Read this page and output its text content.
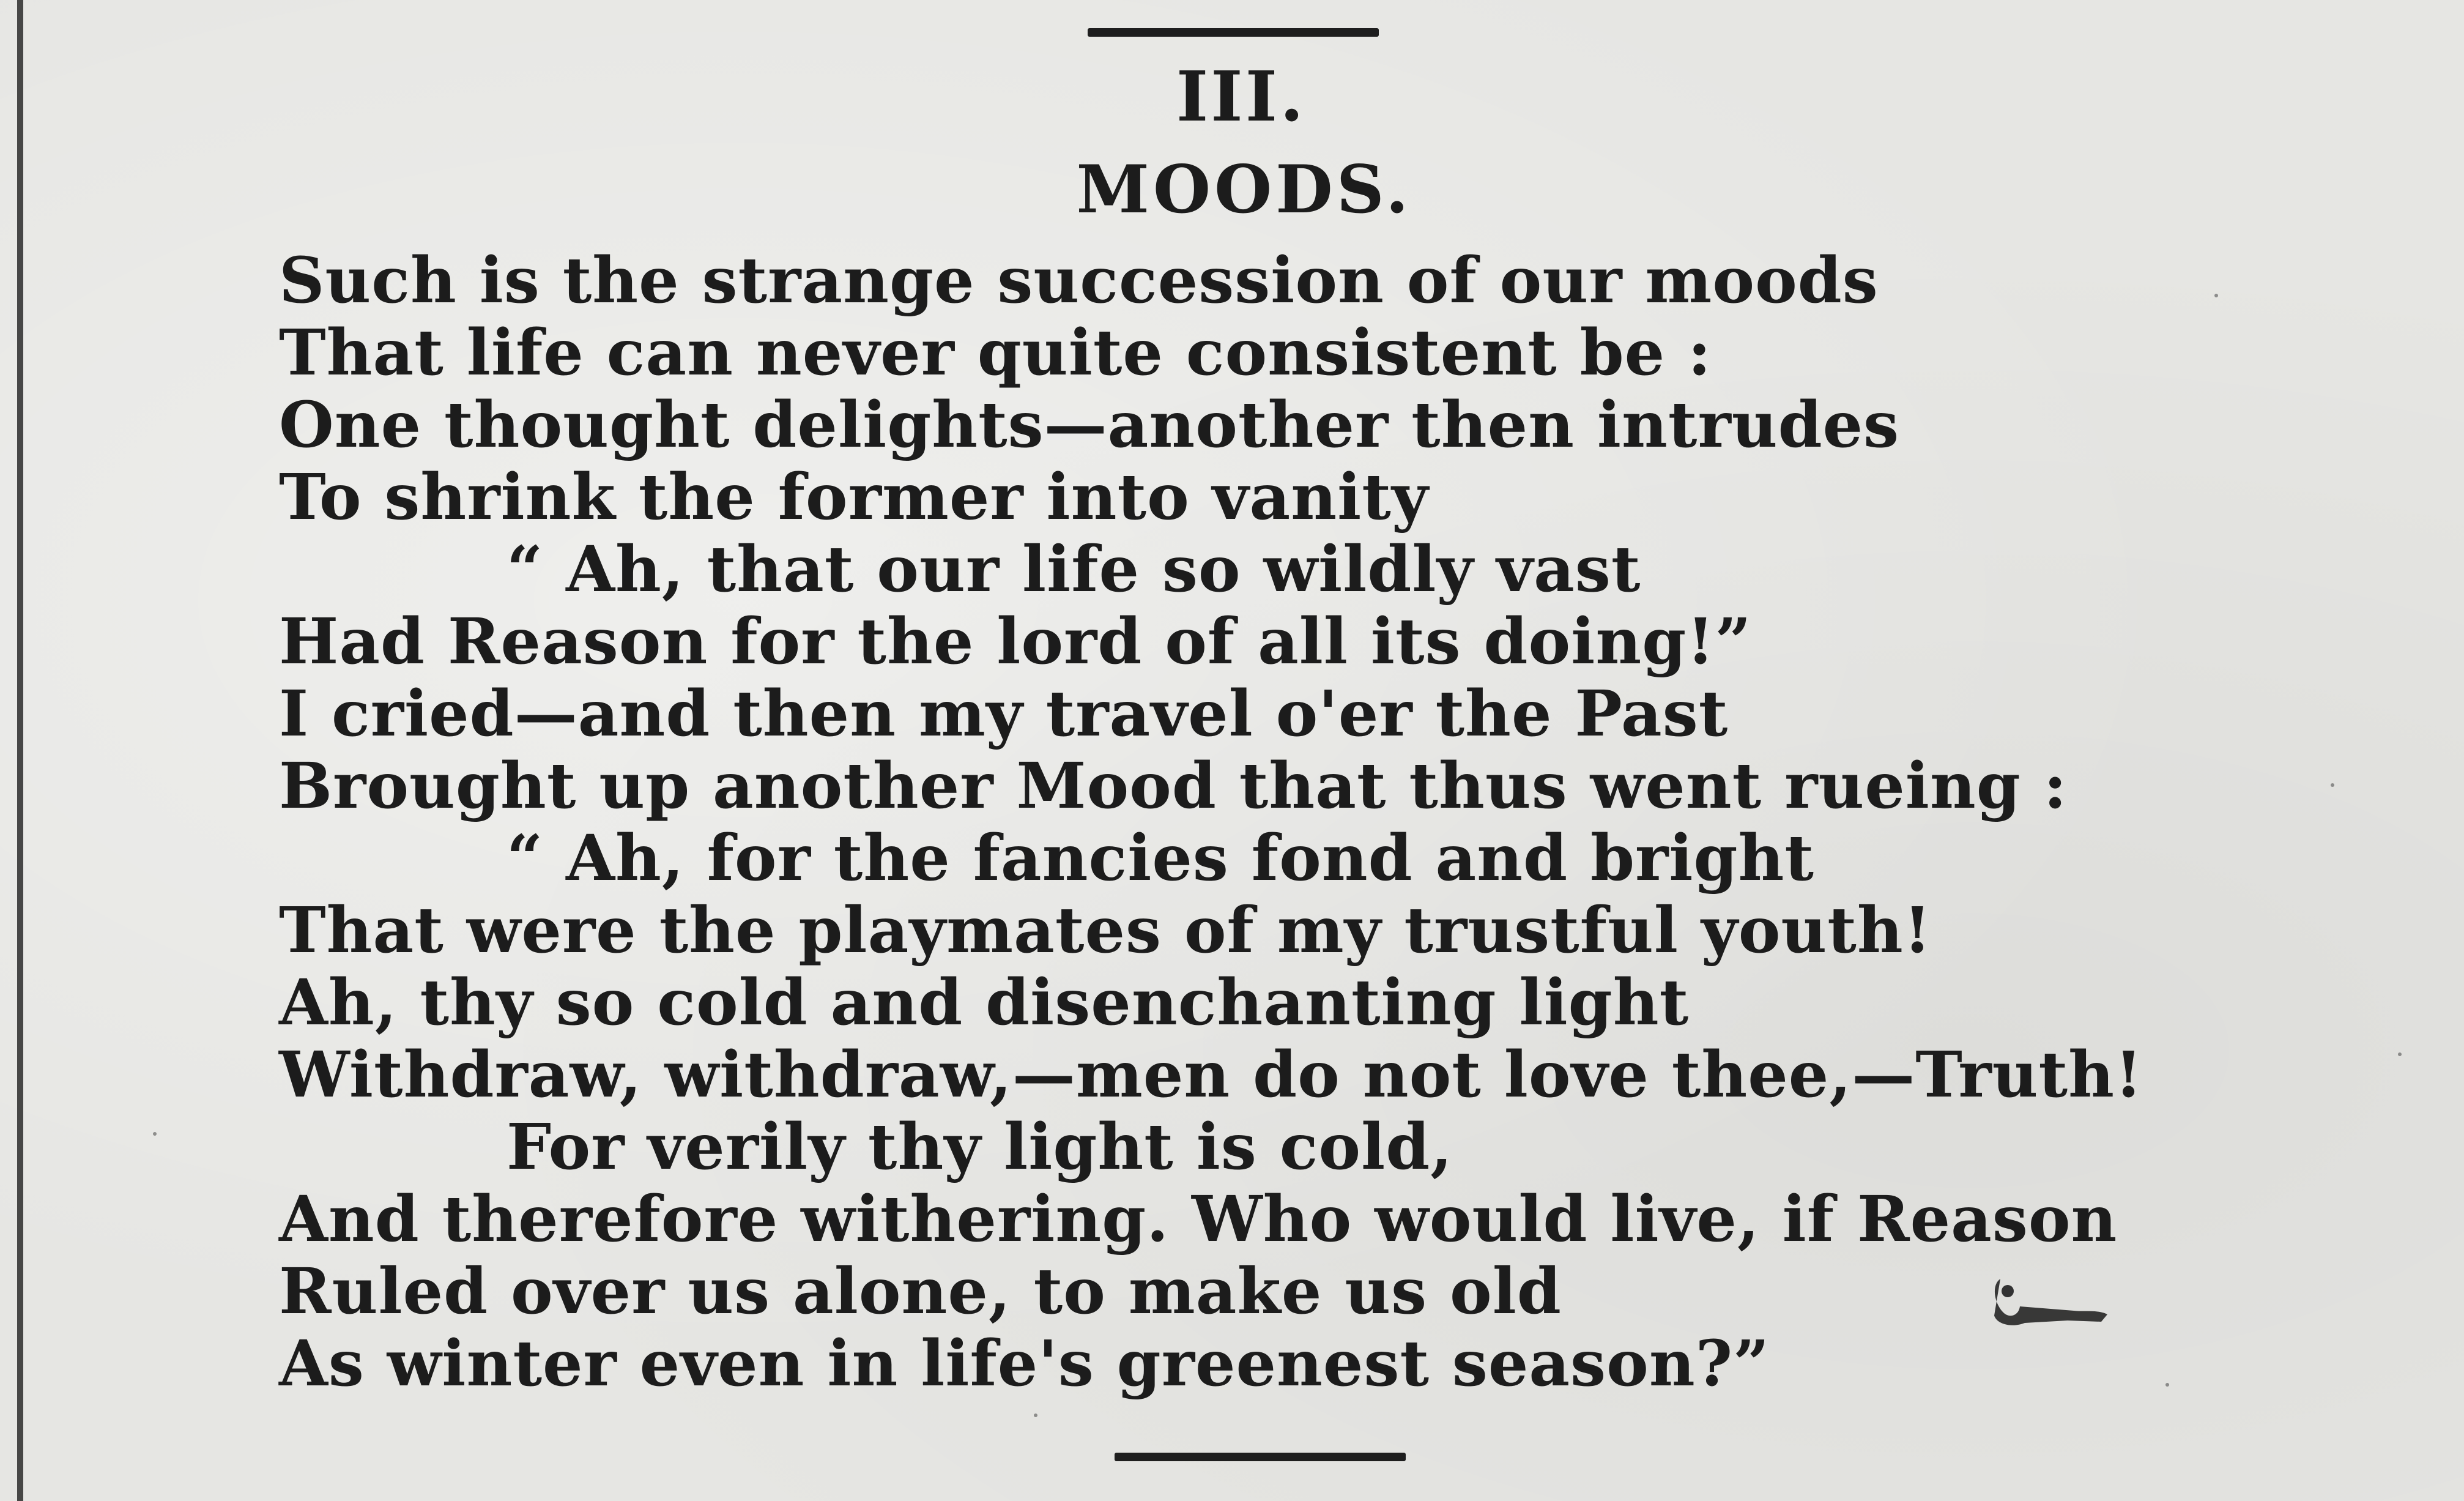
III.
MOODS.
Such is the strange succession of our moods
That life can never quite consistent be :
One thought delights—another then intrudes
To shrink the former into vanity
“ Ah, that our life so wildly vast
Had Reason for the lord of all its doing!”
I cried—and then my travel o'er the Past
Brought up another Mood that thus went rueing :
“ Ah, for the fancies fond and bright
That were the playmates of my trustful youth!
Ah, thy so cold and disenchanting light
Withdraw, withdraw,—men do not love thee,—Truth!
For verily thy light is cold,
And therefore withering. Who would live, if Reason
Ruled over us alone, to make us old
As winter even in life's greenest season?”
